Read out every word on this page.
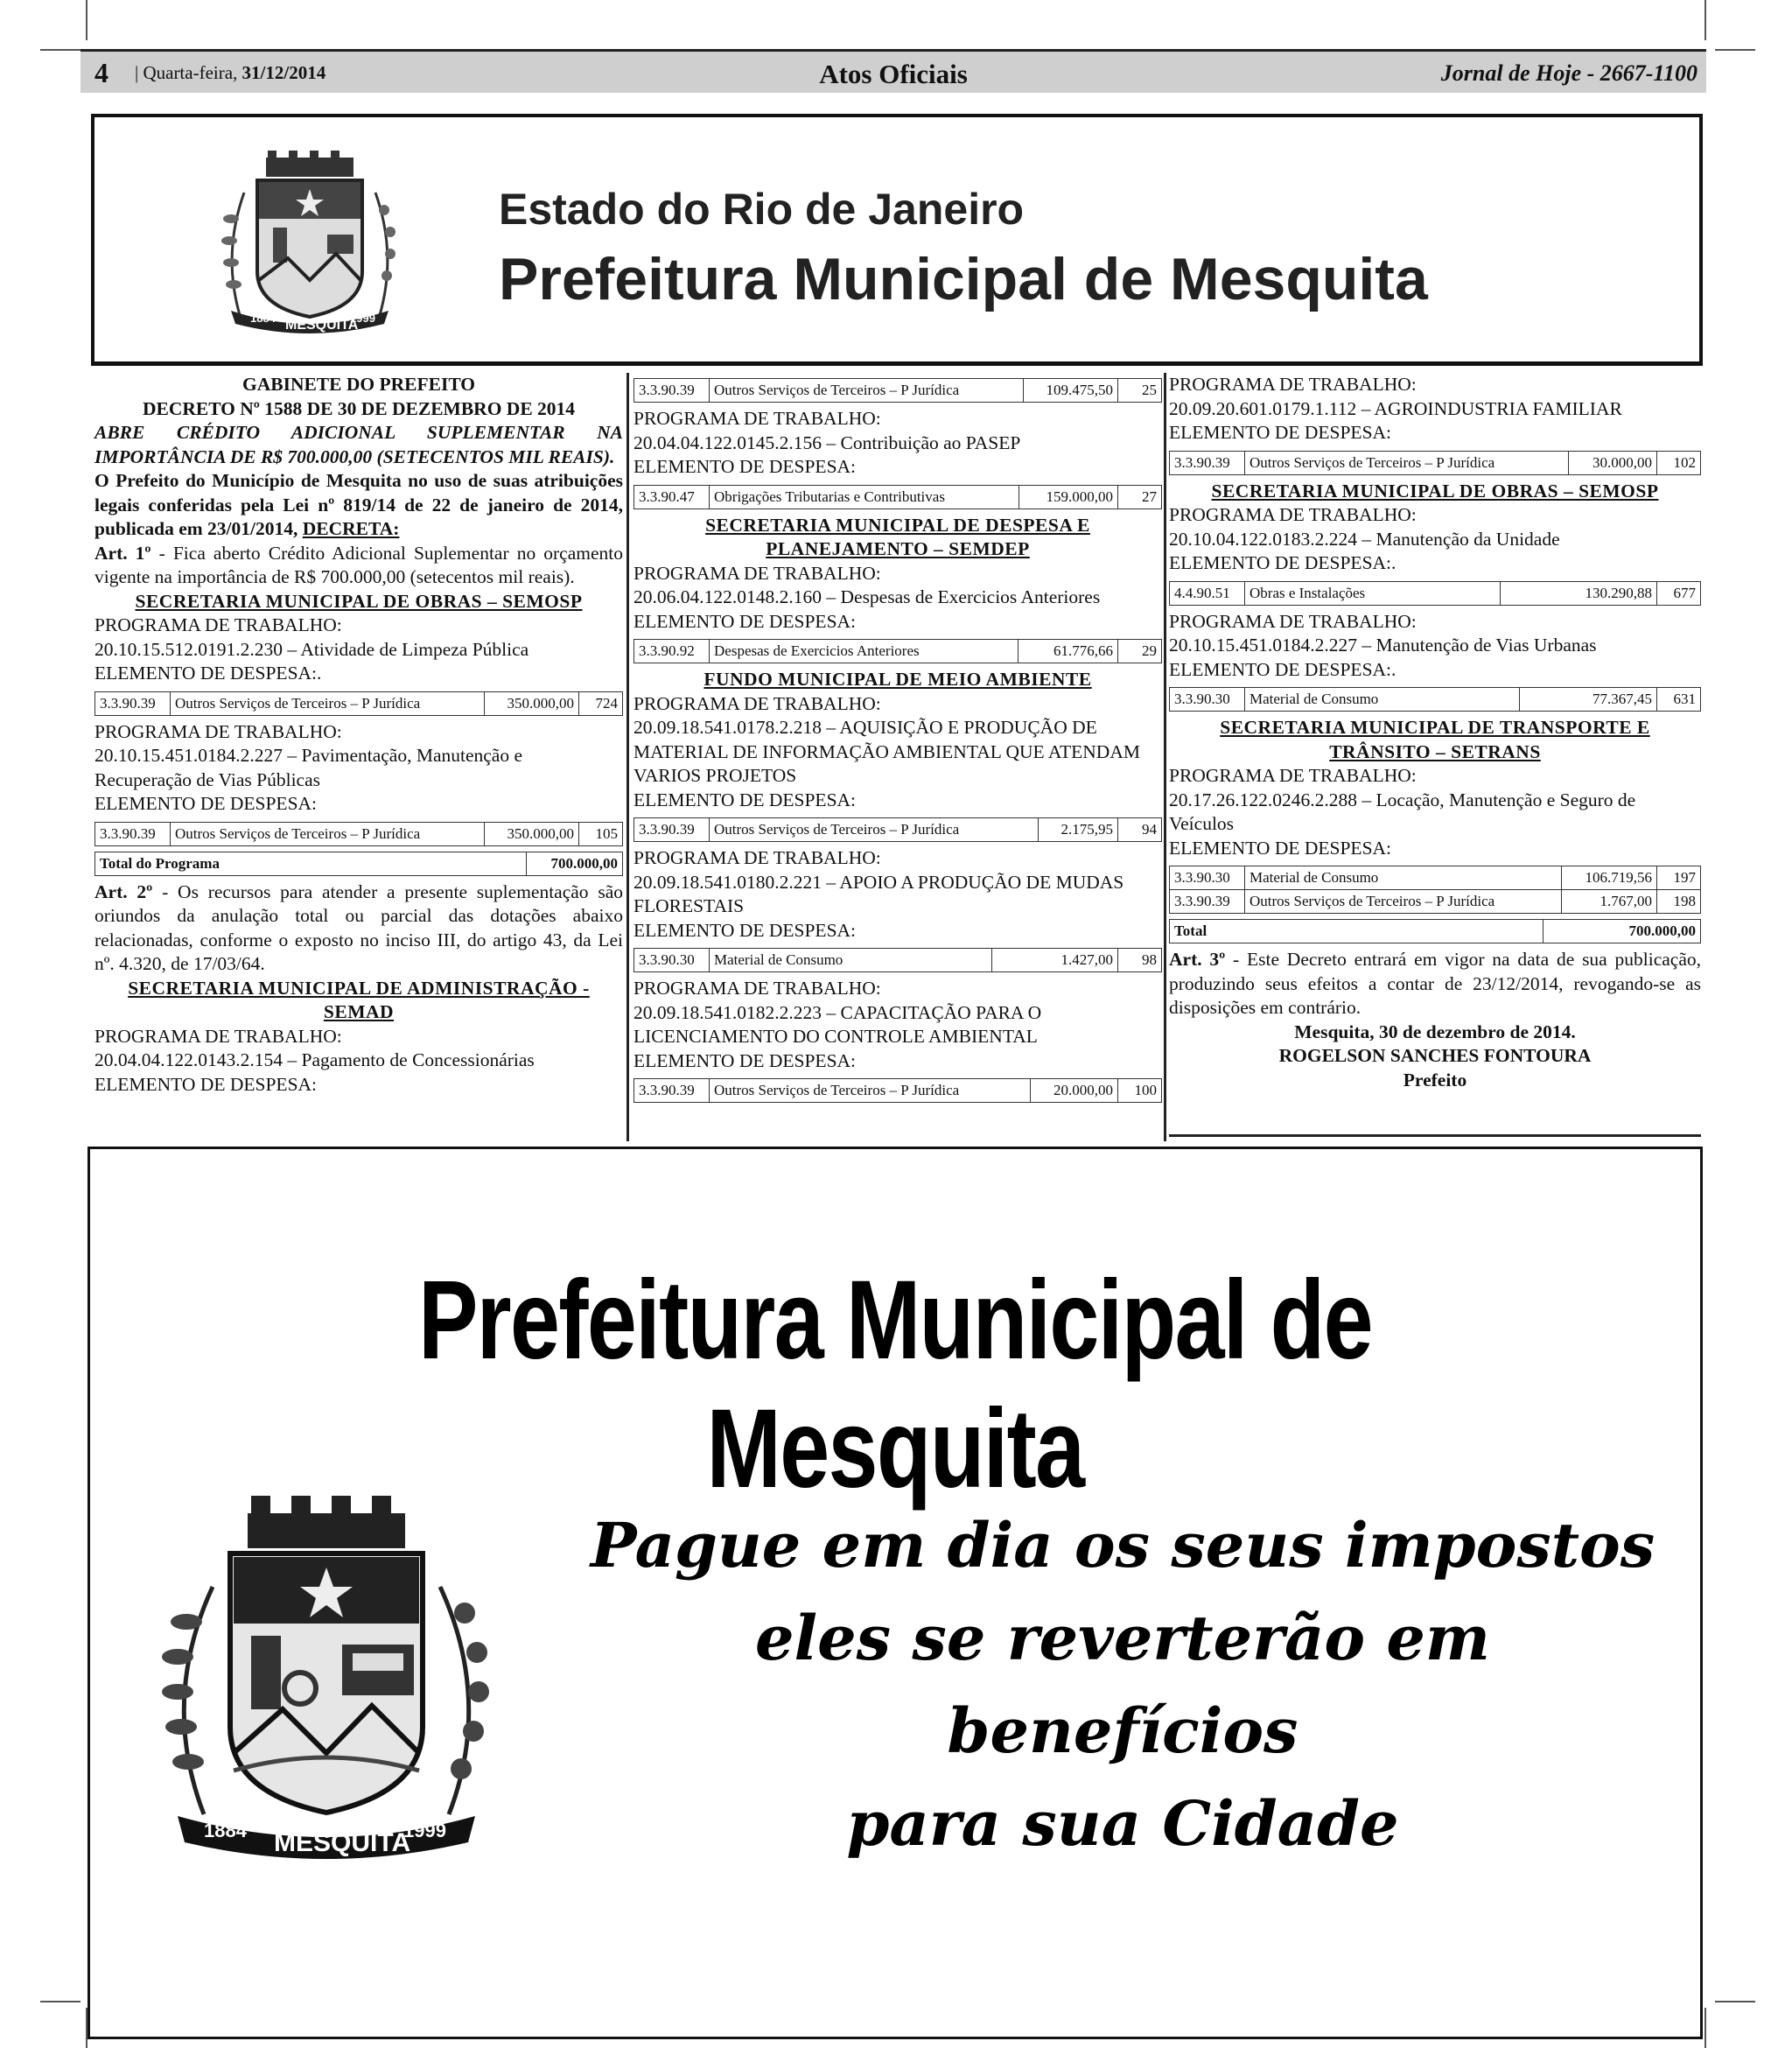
4 | Quarta-feira, 31/12/2014	Atos Oficiais	Jornal de Hoje - 2667-1100
1884 MESQUITA
1999
Estado do Rio de Janeiro
Prefeitura Municipal de Mesquita
GABINETE DO PREFEITO
DECRETO Nº 1588 DE 30 DE DEZEMBRO DE 2014
ABRE CRÉDITO ADICIONAL SUPLEMENTAR NA IMPORTÂNCIA DE R$ 700.000,00 (SETECENTOS MIL REAIS).
O Prefeito do Município de Mesquita no uso de suas atribuições legais conferidas pela Lei nº 819/14 de 22 de janeiro de 2014, publicada em 23/01/2014, DECRETA:
Art. 1º - Fica aberto Crédito Adicional Suplementar no orçamento vigente na importância de R$ 700.000,00 (setecentos mil reais).
SECRETARIA MUNICIPAL DE OBRAS – SEMOSP
PROGRAMA DE TRABALHO:
20.10.15.512.0191.2.230 – Atividade de Limpeza Pública
ELEMENTO DE DESPESA:.
3.3.90.39	Outros Serviços de Terceiros – P Jurídica	350.000,00	724
PROGRAMA DE TRABALHO:
20.10.15.451.0184.2.227 – Pavimentação, Manutenção e Recuperação de Vias Públicas
ELEMENTO DE DESPESA:
3.3.90.39	Outros Serviços de Terceiros – P Jurídica	350.000,00	105
Total do Programa	700.000,00
Art. 2º - Os recursos para atender a presente suplementação são oriundos da anulação total ou parcial das dotações abaixo relacionadas, conforme o exposto no inciso III, do artigo 43, da Lei nº. 4.320, de 17/03/64.
SECRETARIA MUNICIPAL DE ADMINISTRAÇÃO - SEMAD
PROGRAMA DE TRABALHO:
20.04.04.122.0143.2.154 – Pagamento de Concessionárias
ELEMENTO DE DESPESA:
3.3.90.39	Outros Serviços de Terceiros – P Jurídica	109.475,50	25
PROGRAMA DE TRABALHO:
20.04.04.122.0145.2.156 – Contribuição ao PASEP
ELEMENTO DE DESPESA:
3.3.90.47	Obrigações Tributarias e Contributivas	159.000,00	27
SECRETARIA MUNICIPAL DE DESPESA E PLANEJAMENTO – SEMDEP
PROGRAMA DE TRABALHO:
20.06.04.122.0148.2.160 – Despesas de Exercicios Anteriores
ELEMENTO DE DESPESA:
3.3.90.92	Despesas de Exercicios Anteriores	61.776,66	29
FUNDO MUNICIPAL DE MEIO AMBIENTE
PROGRAMA DE TRABALHO:
20.09.18.541.0178.2.218 – AQUISIÇÃO E PRODUÇÃO DE MATERIAL DE INFORMAÇÃO AMBIENTAL QUE ATENDAM VARIOS PROJETOS
ELEMENTO DE DESPESA:
3.3.90.39	Outros Serviços de Terceiros – P Jurídica	2.175,95	94
PROGRAMA DE TRABALHO:
20.09.18.541.0180.2.221 – APOIO A PRODUÇÃO DE MUDAS FLORESTAIS
ELEMENTO DE DESPESA:
3.3.90.30	Material de Consumo	1.427,00	98
PROGRAMA DE TRABALHO:
20.09.18.541.0182.2.223 – CAPACITAÇÃO PARA O LICENCIAMENTO DO CONTROLE AMBIENTAL
ELEMENTO DE DESPESA:
3.3.90.39	Outros Serviços de Terceiros – P Jurídica	20.000,00	100
PROGRAMA DE TRABALHO:
20.09.20.601.0179.1.112 – AGROINDUSTRIA FAMILIAR
ELEMENTO DE DESPESA:
3.3.90.39	Outros Serviços de Terceiros – P Jurídica	30.000,00	102
SECRETARIA MUNICIPAL DE OBRAS – SEMOSP
PROGRAMA DE TRABALHO:
20.10.04.122.0183.2.224 – Manutenção da Unidade
ELEMENTO DE DESPESA:.
4.4.90.51	Obras e Instalações	130.290,88	677
PROGRAMA DE TRABALHO:
20.10.15.451.0184.2.227 – Manutenção de Vias Urbanas
ELEMENTO DE DESPESA:.
3.3.90.30	Material de Consumo	77.367,45	631
SECRETARIA MUNICIPAL DE TRANSPORTE E TRÂNSITO – SETRANS
PROGRAMA DE TRABALHO:
20.17.26.122.0246.2.288 – Locação, Manutenção e Seguro de Veículos
ELEMENTO DE DESPESA:
3.3.90.30	Material de Consumo	106.719,56	197
3.3.90.39	Outros Serviços de Terceiros – P Jurídica	1.767,00	198
Total	700.000,00
Art. 3º - Este Decreto entrará em vigor na data de sua publicação, produzindo seus efeitos a contar de 23/12/2014, revogando-se as disposições em contrário.
Mesquita, 30 de dezembro de 2014.
ROGELSON SANCHES FONTOURA
Prefeito
Prefeitura Municipal de Mesquita
1884 MESQUITA
1999
Pague em dia os seus impostos
eles se reverterão em benefícios
para sua Cidade
